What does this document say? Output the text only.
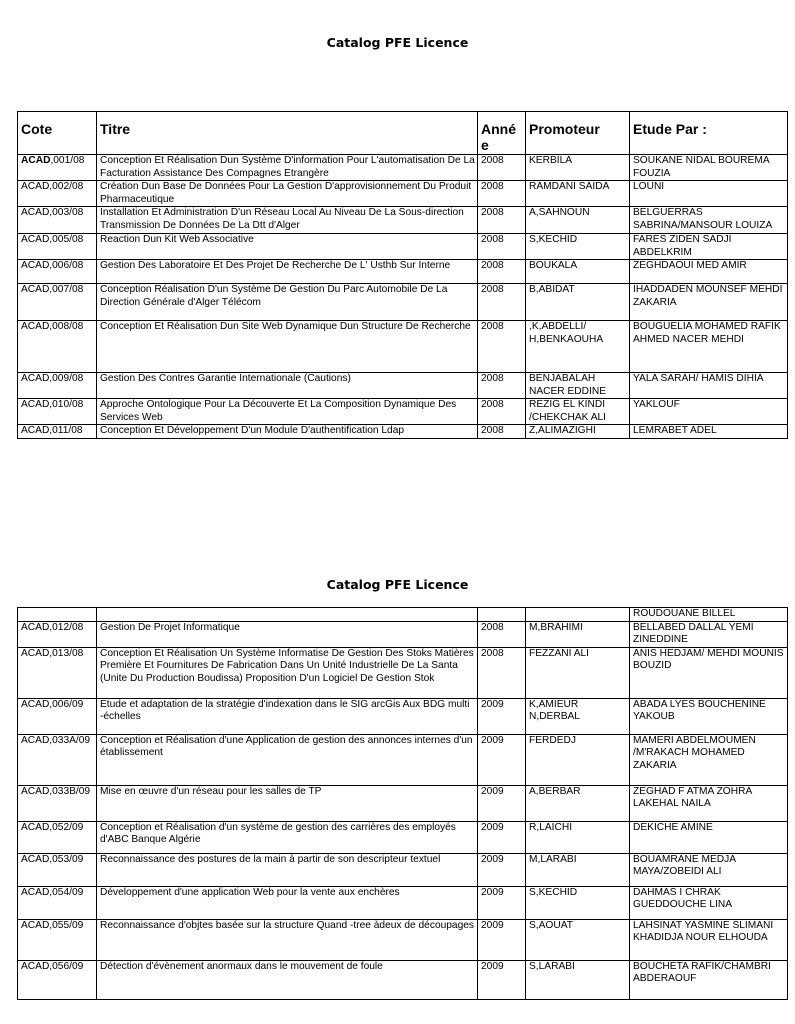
Catalog PFE Licence
Cote	Titre	Anné e	Promoteur	Etude Par :
ACAD,001/08	Conception Et Réalisation Dun Système D'information Pour L'automatisation De La Facturation Assistance Des Compagnes Etrangère	2008	KERBILA	SOUKANE NIDAL BOUREMA FOUZIA
ACAD,002/08	Création Dun Base De Données Pour La Gestion D'approvisionnement Du Produit Pharmaceutique	2008	RAMDANI SAIDA	LOUNI
ACAD,003/08	Installation Et Administration D'un Réseau Local Au Niveau De La Sous-direction Transmission De Données De La Dtt d'Alger	2008	A,SAHNOUN	BELGUERRAS SABRINA/MANSOUR LOUIZA
ACAD,005/08	Reaction Dun Kit Web Associative	2008	S,KECHID	FARES ZIDEN SADJI ABDELKRIM
ACAD,006/08	Gestion Des Laboratoire Et Des Projet De Recherche De L' Usthb Sur Interne	2008	BOUKALA	ZEGHDAOUI MED AMIR
ACAD,007/08	Conception Réalisation D'un Système De Gestion Du Parc Automobile De La Direction Générale d'Alger Télécom	2008	B,ABIDAT	IHADDADEN MOUNSEF MEHDI ZAKARIA
ACAD,008/08	Conception Et Réalisation Dun Site Web Dynamique Dun Structure De Recherche	2008	,K,ABDELLI/ H,BENKAOUHA	BOUGUELIA MOHAMED RAFIK AHMED NACER MEHDI
ACAD,009/08	Gestion Des Contres Garantie Internationale (Cautions)	2008	BENJABALAH NACER EDDINE	YALA SARAH/ HAMIS DIHIA
ACAD,010/08	Approche Ontologique Pour La Découverte Et La Composition Dynamique Des Services Web	2008	REZIG EL KINDI /CHEKCHAK ALI	YAKLOUF
ACAD,011/08	Conception Et Développement D'un Module D'authentification Ldap	2008	Z,ALIMAZIGHI	LEMRABET ADEL
Catalog PFE Licence
				ROUDOUANE BILLEL
ACAD,012/08	Gestion De Projet Informatique	2008	M,BRAHIMI	BELLABED DALLAL YEMI ZINEDDINE
ACAD,013/08	Conception Et Réalisation Un Système Informatise De Gestion Des Stoks Matières Première Et Fournitures De Fabrication Dans Un Unité Industrielle De La Santa (Unite Du Production Boudissa) Proposition D'un Logiciel De Gestion Stok	2008	FEZZANI ALI	ANIS HEDJAM/ MEHDI MOUNIS BOUZID
ACAD,006/09	Etude et adaptation de la stratégie d'indexation dans le SIG arcGis Aux BDG multi -échelles	2009	K,AMIEUR N,DERBAL	ABADA LYES BOUCHENINE YAKOUB
ACAD,033A/09	Conception et Réalisation d'une Application de gestion des annonces internes d'un établissement	2009	FERDEDJ	MAMERI ABDELMOUMEN /M'RAKACH MOHAMED ZAKARIA
ACAD,033B/09	Mise en œuvre d'un réseau pour les salles de TP	2009	A,BERBAR	ZEGHAD F ATMA ZOHRA LAKEHAL NAILA
ACAD,052/09	Conception et Réalisation d'un système de gestion des carrières des employés d'ABC Banque Algérie	2009	R,LAICHI	DEKICHE AMINE
ACAD,053/09	Reconnaissance des postures de la main à partir de son descripteur textuel	2009	M,LARABI	BOUAMRANE MEDJA MAYA/ZOBEIDI ALI
ACAD,054/09	Développement d'une application Web pour la vente aux enchères	2009	S,KECHID	DAHMAS I CHRAK GUEDDOUCHE LINA
ACAD,055/09	Reconnaissance d'objtes basée sur la structure Quand -tree àdeux de découpages	2009	S,AOUAT	LAHSINAT YASMINE SLIMANI KHADIDJA NOUR ELHOUDA
ACAD,056/09	Détection d'évènement anormaux dans le mouvement de foule	2009	S,LARABI	BOUCHETA RAFIK/CHAMBRI ABDERAOUF
